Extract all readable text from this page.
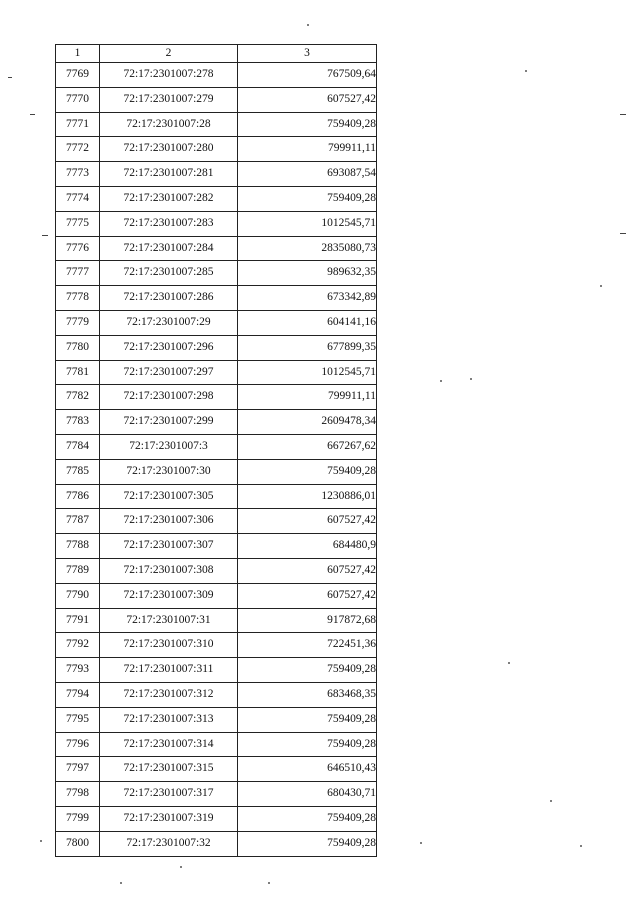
1	2	3
7769	72:17:2301007:278	767509,64
7770	72:17:2301007:279	607527,42
7771	72:17:2301007:28	759409,28
7772	72:17:2301007:280	799911,11
7773	72:17:2301007:281	693087,54
7774	72:17:2301007:282	759409,28
7775	72:17:2301007:283	1012545,71
7776	72:17:2301007:284	2835080,73
7777	72:17:2301007:285	989632,35
7778	72:17:2301007:286	673342,89
7779	72:17:2301007:29	604141,16
7780	72:17:2301007:296	677899,35
7781	72:17:2301007:297	1012545,71
7782	72:17:2301007:298	799911,11
7783	72:17:2301007:299	2609478,34
7784	72:17:2301007:3	667267,62
7785	72:17:2301007:30	759409,28
7786	72:17:2301007:305	1230886,01
7787	72:17:2301007:306	607527,42
7788	72:17:2301007:307	684480,9
7789	72:17:2301007:308	607527,42
7790	72:17:2301007:309	607527,42
7791	72:17:2301007:31	917872,68
7792	72:17:2301007:310	722451,36
7793	72:17:2301007:311	759409,28
7794	72:17:2301007:312	683468,35
7795	72:17:2301007:313	759409,28
7796	72:17:2301007:314	759409,28
7797	72:17:2301007:315	646510,43
7798	72:17:2301007:317	680430,71
7799	72:17:2301007:319	759409,28
7800	72:17:2301007:32	759409,28
